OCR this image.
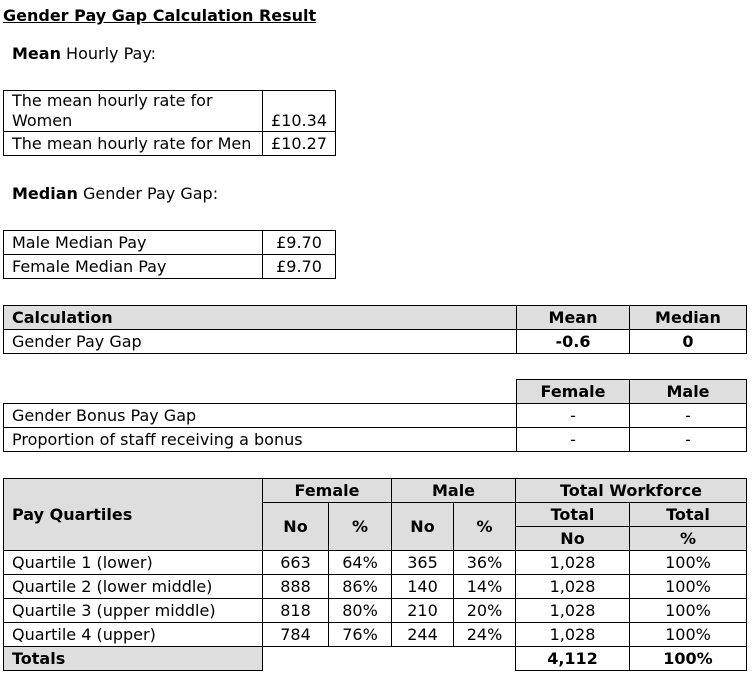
Gender Pay Gap Calculation Result
Mean Hourly Pay:
The mean hourly rate for Women	£10.34
The mean hourly rate for Men	£10.27
Median Gender Pay Gap:
Male Median Pay	£9.70
Female Median Pay	£9.70
Calculation	Mean	Median
Gender Pay Gap	-0.6	0
	Female	Male
Gender Bonus Pay Gap	-	-
Proportion of staff receiving a bonus	-	-
Pay Quartiles	Female		Male		Total Workforce	
	No	%	No	%	Total	Total
					No	%
Quartile 1 (lower)	663	64%	365	36%	1,028	100%
Quartile 2 (lower middle)	888	86%	140	14%	1,028	100%
Quartile 3 (upper middle)	818	80%	210	20%	1,028	100%
Quartile 4 (upper)	784	76%	244	24%	1,028	100%
Totals					4,112	100%
